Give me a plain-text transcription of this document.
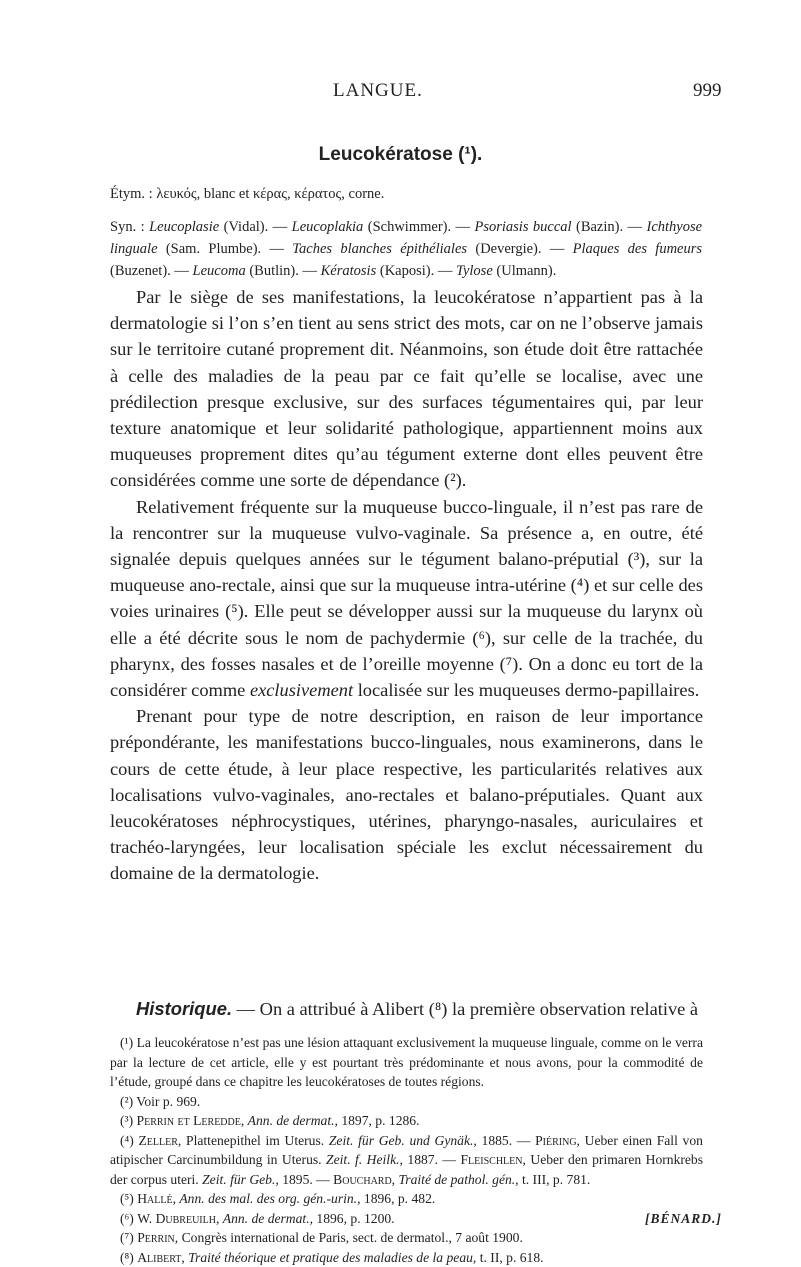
LANGUE.	999
Leucokératose (¹).
Étym. : λευκός, blanc et κέρας, κέρατος, corne.
Syn. : Leucoplasie (Vidal). — Leucoplakia (Schwimmer). — Psoriasis buccal (Bazin). — Ichthyose linguale (Sam. Plumbe). — Taches blanches épithéliales (Devergie). — Plaques des fumeurs (Buzenet). — Leucoma (Butlin). — Kératosis (Kaposi). — Tylose (Ulmann).

Par le siège de ses manifestations, la leucokératose n’appartient pas à la dermatologie si l’on s’en tient au sens strict des mots, car on ne l’observe jamais sur le territoire cutané proprement dit. Néanmoins, son étude doit être rattachée à celle des maladies de la peau par ce fait qu’elle se localise, avec une prédilection presque exclusive, sur des surfaces tégumentaires qui, par leur texture anatomique et leur solidarité pathologique, appartiennent moins aux muqueuses proprement dites qu’au tégument externe dont elles peuvent être considérées comme une sorte de dépendance (²).

Relativement fréquente sur la muqueuse bucco-linguale, il n’est pas rare de la rencontrer sur la muqueuse vulvo-vaginale. Sa présence a, en outre, été signalée depuis quelques années sur le tégument balano-préputial (³), sur la muqueuse ano-rectale, ainsi que sur la muqueuse intra-utérine (⁴) et sur celle des voies urinaires (⁵). Elle peut se développer aussi sur la muqueuse du larynx où elle a été décrite sous le nom de pachydermie (⁶), sur celle de la trachée, du pharynx, des fosses nasales et de l’oreille moyenne (⁷). On a donc eu tort de la considérer comme exclusivement localisée sur les muqueuses dermo-papillaires.

Prenant pour type de notre description, en raison de leur importance prépondérante, les manifestations bucco-linguales, nous examinerons, dans le cours de cette étude, à leur place respective, les particularités relatives aux localisations vulvo-vaginales, ano-rectales et balano-préputiales. Quant aux leucokératoses néphrocystiques, utérines, pharyngo-nasales, auriculaires et trachéo-laryngées, leur localisation spéciale les exclut nécessairement du domaine de la dermatologie.

Historique. — On a attribué à Alibert (⁸) la première observation relative à

(¹) La leucokératose n’est pas une lésion attaquant exclusivement la muqueuse linguale, comme on le verra par la lecture de cet article, elle y est pourtant très prédominante et nous avons, pour la commodité de l’étude, groupé dans ce chapitre les leucokératoses de toutes régions.

(²) Voir p. 969.

(³) Perrin et Leredde, Ann. de dermat., 1897, p. 1286.

(⁴) Zeller, Plattenepithel im Uterus. Zeit. für Geb. und Gynäk., 1885. — Piéring, Ueber einen Fall von atipischer Carcinumbildung in Uterus. Zeit. f. Heilk., 1887. — Fleischlen, Ueber den primaren Hornkrebs der corpus uteri. Zeit. für Geb., 1895. — Bouchard, Traité de pathol. gén., t. III, p. 781.

(⁵) Hallé, Ann. des mal. des org. gén.-urin., 1896, p. 482.

(⁶) W. Dubreuilh, Ann. de dermat., 1896, p. 1200.

(⁷) Perrin, Congrès international de Paris, sect. de dermatol., 7 août 1900.

(⁸) Alibert, Traité théorique et pratique des maladies de la peau, t. II, p. 618.

[BÉNARD.]
